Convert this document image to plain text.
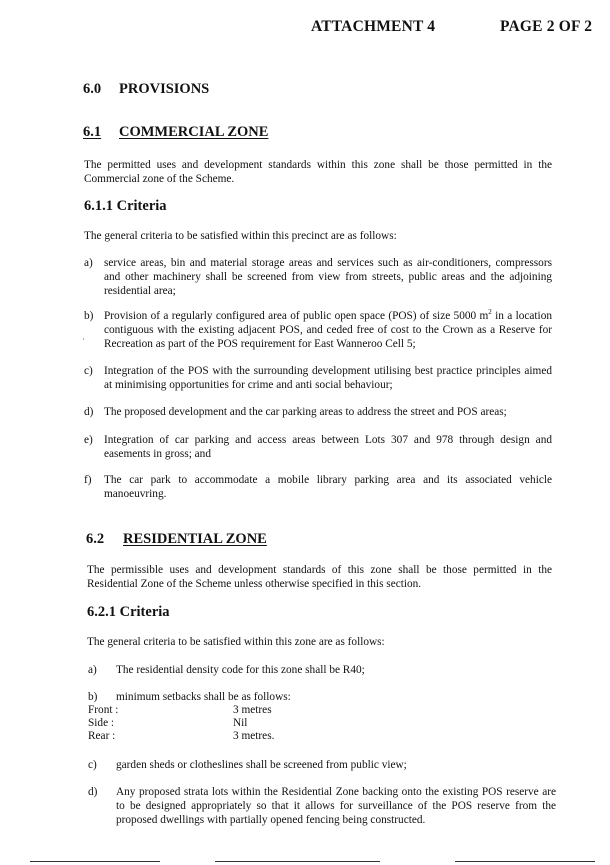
ATTACHMENT 4	PAGE 2 OF 2
6.0 PROVISIONS
6.1 COMMERCIAL ZONE
The permitted uses and development standards within this zone shall be those permitted in the Commercial zone of the Scheme.
6.1.1 Criteria
The general criteria to be satisfied within this precinct are as follows:
a) service areas, bin and material storage areas and services such as air-conditioners, compressors and other machinery shall be screened from view from streets, public areas and the adjoining residential area;
b) Provision of a regularly configured area of public open space (POS) of size 5000 $m^2$ in a location contiguous with the existing adjacent POS, and ceded free of cost to the Crown as a Reserve for Recreation as part of the POS requirement for East Wanneroo Cell 5;
·
c) Integration of the POS with the surrounding development utilising best practice principles aimed at minimising opportunities for crime and anti social behaviour;
d) The proposed development and the car parking areas to address the street and POS areas;
e) Integration of car parking and access areas between Lots 307 and 978 through design and easements in gross; and
f) The car park to accommodate a mobile library parking area and its associated vehicle manoeuvring.
6.2 RESIDENTIAL ZONE
The permissible uses and development standards of this zone shall be those permitted in the Residential Zone of the Scheme unless otherwise specified in this section.
6.2.1 Criteria
The general criteria to be satisfied within this zone are as follows:
a) The residential density code for this zone shall be R40;
b) minimum setbacks shall be as follows:
Front :	3 metres
Side :	Nil
Rear :	3 metres.
c) garden sheds or clotheslines shall be screened from public view;
d) Any proposed strata lots within the Residential Zone backing onto the existing POS reserve are to be designed appropriately so that it allows for surveillance of the POS reserve from the proposed dwellings with partially opened fencing being constructed.
